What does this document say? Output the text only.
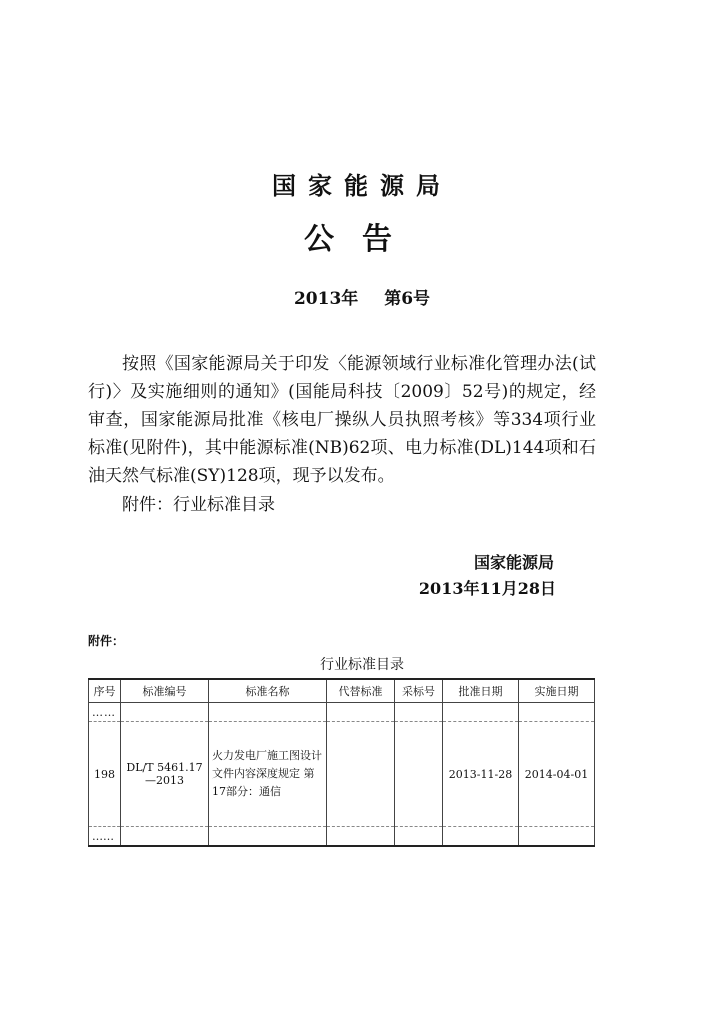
国家能源局
公告
2013年 第6号
按照《国家能源局关于印发〈能源领域行业标准化管理办法(试行)〉及实施细则的通知》(国能局科技〔2009〕52号)的规定，经审查，国家能源局批准《核电厂操纵人员执照考核》等334项行业标准(见附件)，其中能源标准(NB)62项、电力标准(DL)144项和石油天然气标准(SY)128项，现予以发布。
附件：行业标准目录
国家能源局
2013年11月28日
附件：
行业标准目录
序号	标准编号	标准名称	代替标准	采标号	批准日期	实施日期
……						
198	DL/T 5461.17—2013	火力发电厂施工图设计文件内容深度规定 第17部分：通信			2013-11-28	2014-04-01
……						
